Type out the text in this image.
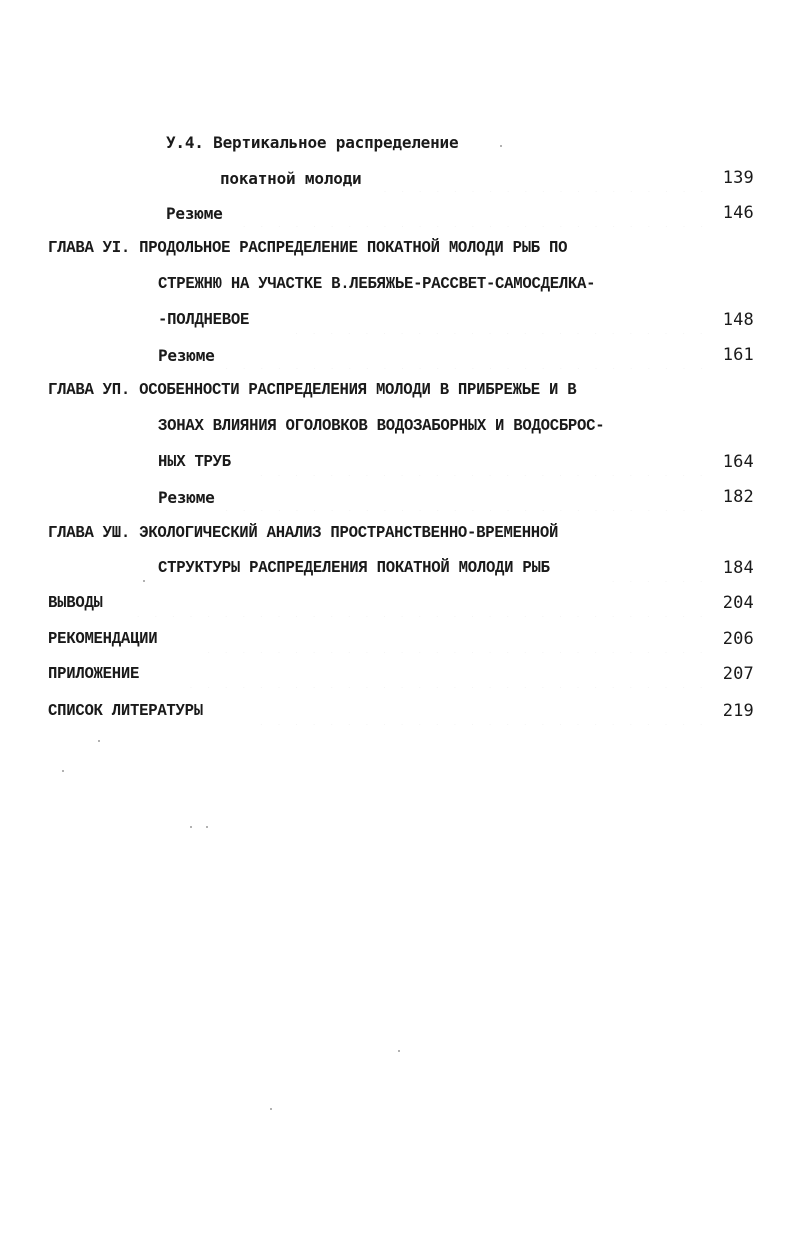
У.4. Вертикальное распределение
покатной молоди	139
Резюме	146
ГЛАВА УI. ПРОДОЛЬНОЕ РАСПРЕДЕЛЕНИЕ ПОКАТНОЙ МОЛОДИ РЫБ ПО
СТРЕЖНЮ НА УЧАСТКЕ В.ЛЕБЯЖЬЕ-РАССВЕТ-САМОСДЕЛКА-
-ПОЛДНЕВОЕ	148
Резюме	161
ГЛАВА УП. ОСОБЕННОСТИ РАСПРЕДЕЛЕНИЯ МОЛОДИ В ПРИБРЕЖЬЕ И В
ЗОНАХ ВЛИЯНИЯ ОГОЛОВКОВ ВОДОЗАБОРНЫХ И ВОДОСБРОС-
НЫХ ТРУБ	164
Резюме	182
ГЛАВА УШ. ЭКОЛОГИЧЕСКИЙ АНАЛИЗ ПРОСТРАНСТВЕННО-ВРЕМЕННОЙ
СТРУКТУРЫ РАСПРЕДЕЛЕНИЯ ПОКАТНОЙ МОЛОДИ РЫБ	184
ВЫВОДЫ	204
РЕКОМЕНДАЦИИ	206
ПРИЛОЖЕНИЕ	207
СПИСОК ЛИТЕРАТУРЫ	219
